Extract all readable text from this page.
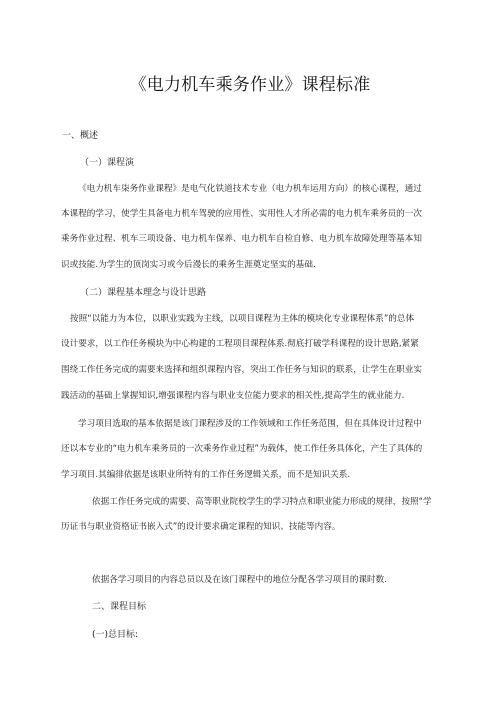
《电力机车乘务作业》课程标准
一、概述
（一）课程演
《电力机车柒务作业课程》是电气化铁道技术专业（电力机车运用方向）的核心课程，通过
本课程的学习，使学生具备电力机车驾驶的应用性、实用性人才所必需的电力机车乘务员的一次
乘务作业过程、机车三项设备、电力机车保养、电力机车自检自修、电力机车故障处理等基本知
识或技能.为学生的顶岗实习或今后漫长的乘务生涯奠定坚实的基础.
（二）课程基本理念与设计思路
按照“以能力为本位，以职业实践为主线，以项目课程为主体的模块化专业课程体系”的总体
设计要求，以工作任务模块为中心构建的工程项目课程体系.彻底打破学科课程的设计思路,紧紧
围绕工作任务完成的需要来选择和组织课程内容，突出工作任务与知识的联系，让学生在职业实
践活动的基础上掌握知识,增强课程内容与职业支位能力要求的相关性,提高学生的就业能力.
学习项目选取的基本依据是该门课程涉及的工作领域和工作任务范围，但在具体设计过程中
还以本专业的“电力机车乘务员的一次乘务作业过程”为载体，使工作任务具体化，产生了具体的
学习项目.其编徘依据是该职业所特有的工作任务逻辑关系，而不是知识关系.
依据工作任务完成的需要、高等职业院校学生的学习特点和职业能力形成的规律，按照“学
历证书与职业资格证书嵌入式”的设计要求确定课程的知识、技能等内容。
依据各学习项目的内容总员以及在该门课程中的地位分配各学习项目的课时数.
二、课程目标
(一)总目标:
